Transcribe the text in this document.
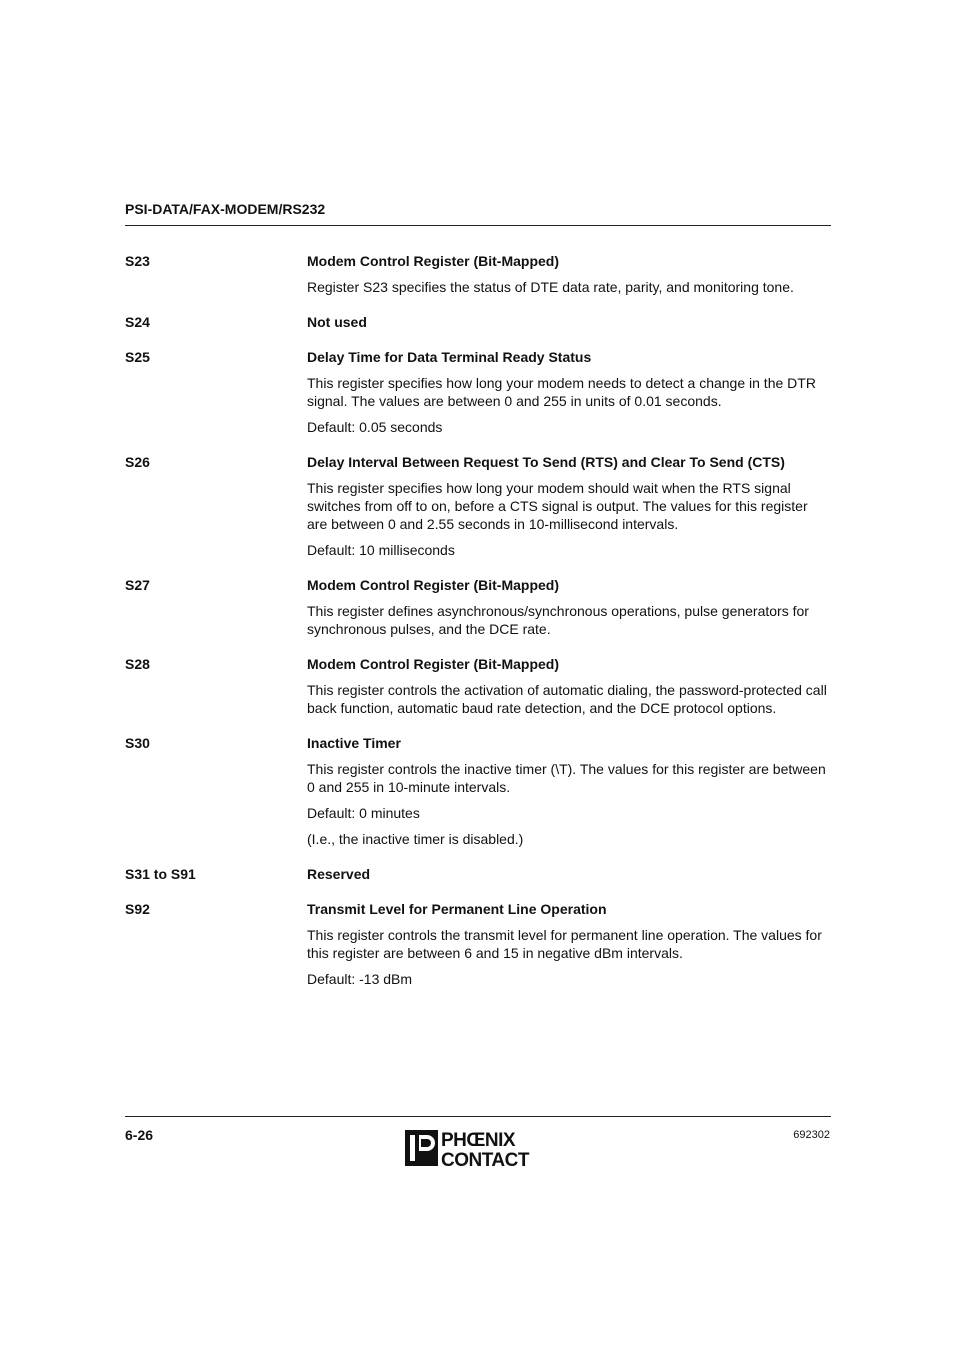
PSI-DATA/FAX-MODEM/RS232
S23	Modem Control Register (Bit-Mapped)

Register S23 specifies the status of DTE data rate, parity, and monitoring tone.

S24	Not used

S25	Delay Time for Data Terminal Ready Status

This register specifies how long your modem needs to detect a change in the DTR signal. The values are between 0 and 255 in units of 0.01 seconds.

Default: 0.05 seconds

S26	Delay Interval Between Request To Send (RTS) and Clear To Send (CTS)

This register specifies how long your modem should wait when the RTS signal switches from off to on, before a CTS signal is output. The values for this register are between 0 and 2.55 seconds in 10-millisecond intervals.

Default: 10 milliseconds

S27	Modem Control Register (Bit-Mapped)

This register defines asynchronous/synchronous operations, pulse generators for synchronous pulses, and the DCE rate.

S28	Modem Control Register (Bit-Mapped)

This register controls the activation of automatic dialing, the password-protected call back function, automatic baud rate detection, and the DCE protocol options.

S30	Inactive Timer

This register controls the inactive timer (\T). The values for this register are between 0 and 255 in 10-minute intervals.

Default: 0 minutes

(I.e., the inactive timer is disabled.)

S31 to S91	Reserved

S92	Transmit Level for Permanent Line Operation

This register controls the transmit level for permanent line operation. The values for this register are between 6 and 15 in negative dBm intervals.

Default: -13 dBm

6-26	PHŒNIX
CONTACT
692302
